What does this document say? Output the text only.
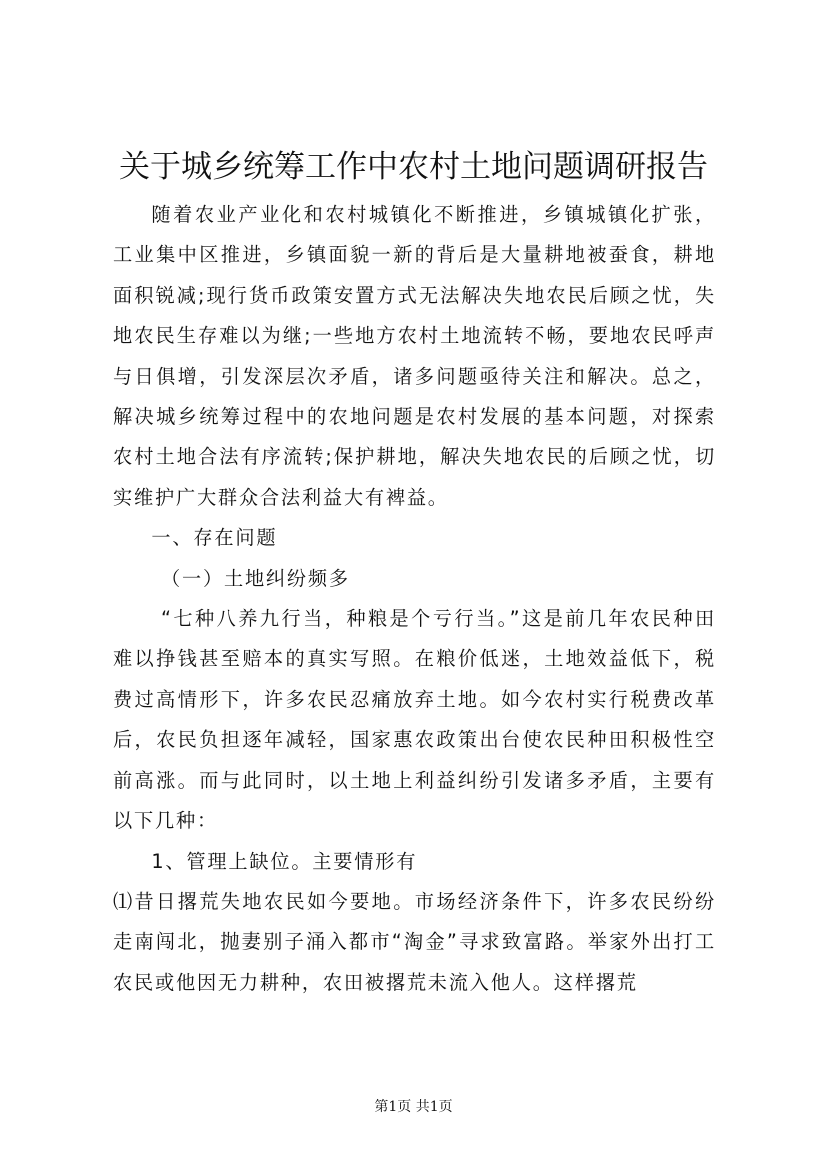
关于城乡统筹工作中农村土地问题调研报告

随着农业产业化和农村城镇化不断推进，乡镇城镇化扩张，工业集中区推进，乡镇面貌一新的背后是大量耕地被蚕食，耕地面积锐减;现行货币政策安置方式无法解决失地农民后顾之忧，失地农民生存难以为继;一些地方农村土地流转不畅，要地农民呼声与日俱增，引发深层次矛盾，诸多问题亟待关注和解决。总之，解决城乡统筹过程中的农地问题是农村发展的基本问题，对探索农村土地合法有序流转;保护耕地，解决失地农民的后顾之忧，切实维护广大群众合法利益大有裨益。

一、存在问题

（一）土地纠纷频多

“七种八养九行当，种粮是个亏行当。”这是前几年农民种田难以挣钱甚至赔本的真实写照。在粮价低迷，土地效益低下，税费过高情形下，许多农民忍痛放弃土地。如今农村实行税费改革后，农民负担逐年减轻，国家惠农政策出台使农民种田积极性空前高涨。而与此同时，以土地上利益纠纷引发诸多矛盾，主要有以下几种：

1、管理上缺位。主要情形有

⑴昔日撂荒失地农民如今要地。市场经济条件下，许多农民纷纷走南闯北，抛妻别子涌入都市“淘金”寻求致富路。举家外出打工农民或他因无力耕种，农田被撂荒未流入他人。这样撂荒

第1页 共1页
